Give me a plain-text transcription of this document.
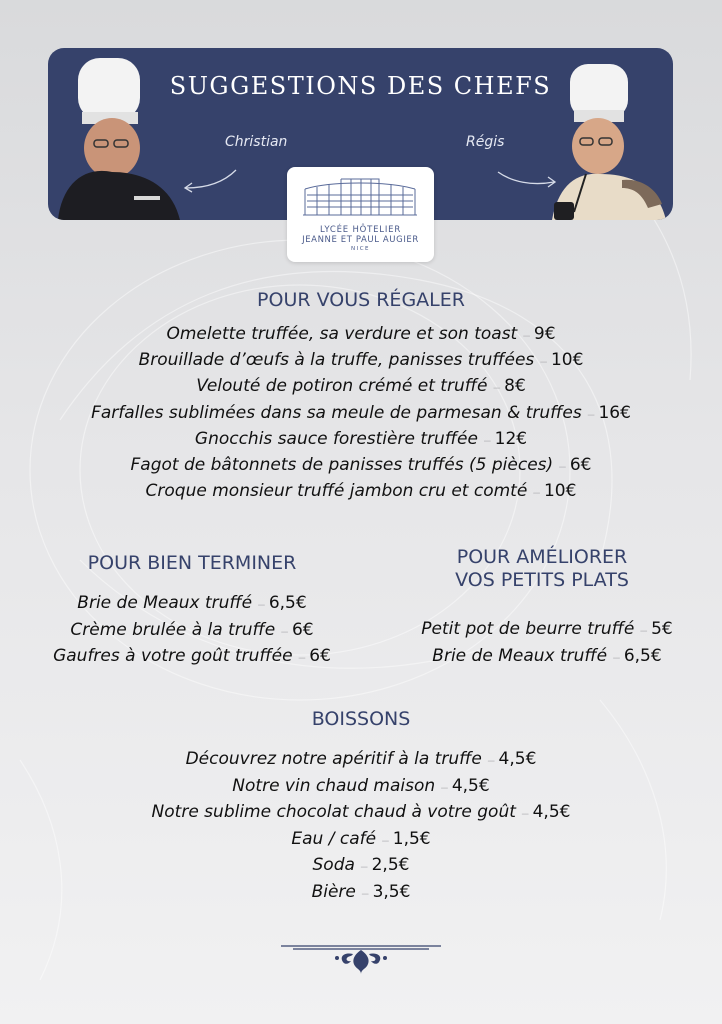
SUGGESTIONS DES CHEFS
Christian	Régis
LYCÉE HÔTELIER
JEANNE ET PAUL AUGIER
NICE
POUR VOUS RÉGALER
Omelette truffée, sa verdure et son toast – 9€
Brouillade d’œufs à la truffe, panisses truffées – 10€
Velouté de potiron crémé et truffé – 8€
Farfalles sublimées dans sa meule de parmesan & truffes – 16€
Gnocchis sauce forestière truffée – 12€
Fagot de bâtonnets de panisses truffés (5 pièces) – 6€
Croque monsieur truffé jambon cru et comté – 10€
POUR BIEN TERMINER
Brie de Meaux truffé – 6,5€
Crème brulée à la truffe – 6€
Gaufres à votre goût truffée – 6€
POUR AMÉLIORER
VOS PETITS PLATS
Petit pot de beurre truffé – 5€
Brie de Meaux truffé – 6,5€
BOISSONS
Découvrez notre apéritif à la truffe – 4,5€
Notre vin chaud maison – 4,5€
Notre sublime chocolat chaud à votre goût – 4,5€
Eau / café – 1,5€
Soda – 2,5€
Bière – 3,5€
